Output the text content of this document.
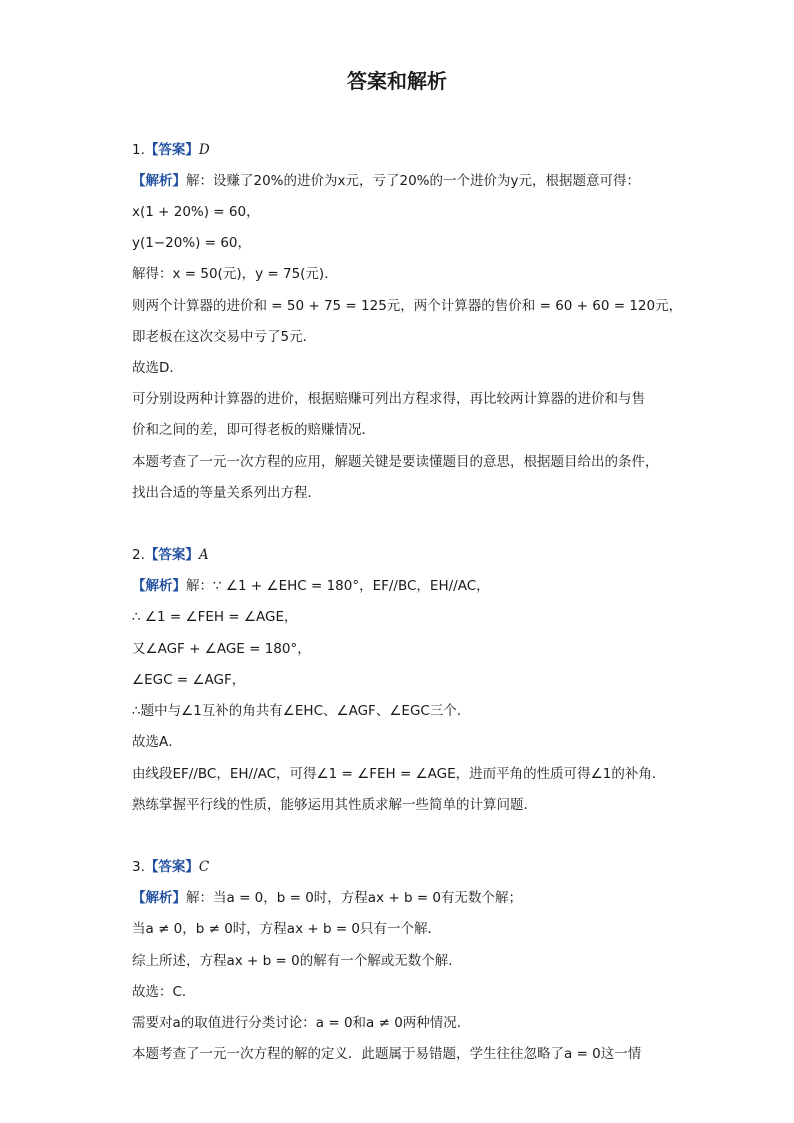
答案和解析
1.【答案】D
【解析】解：设赚了20%的进价为x元，亏了20%的一个进价为y元，根据题意可得：
x(1 + 20%) = 60，
y(1−20%) = 60，
解得：x = 50(元)，y = 75(元)．
则两个计算器的进价和 = 50 + 75 = 125元，两个计算器的售价和 = 60 + 60 = 120元，
即老板在这次交易中亏了5元．
故选D．
可分别设两种计算器的进价，根据赔赚可列出方程求得，再比较两计算器的进价和与售
价和之间的差，即可得老板的赔赚情况．
本题考查了一元一次方程的应用，解题关键是要读懂题目的意思，根据题目给出的条件，
找出合适的等量关系列出方程．
2.【答案】A
【解析】解：∵ ∠1 + ∠EHC = 180°，EF//BC，EH//AC，
∴ ∠1 = ∠FEH = ∠AGE，
又∠AGF + ∠AGE = 180°，
∠EGC = ∠AGF，
∴题中与∠1互补的角共有∠EHC、∠AGF、∠EGC三个．
故选A．
由线段EF//BC，EH//AC，可得∠1 = ∠FEH = ∠AGE，进而平角的性质可得∠1的补角．
熟练掌握平行线的性质，能够运用其性质求解一些简单的计算问题．
3.【答案】C
【解析】解：当a = 0，b = 0时，方程ax + b = 0有无数个解；
当a ≠ 0，b ≠ 0时，方程ax + b = 0只有一个解．
综上所述，方程ax + b = 0的解有一个解或无数个解．
故选：C．
需要对a的取值进行分类讨论：a = 0和a ≠ 0两种情况．
本题考查了一元一次方程的解的定义．此题属于易错题，学生往往忽略了a = 0这一情
